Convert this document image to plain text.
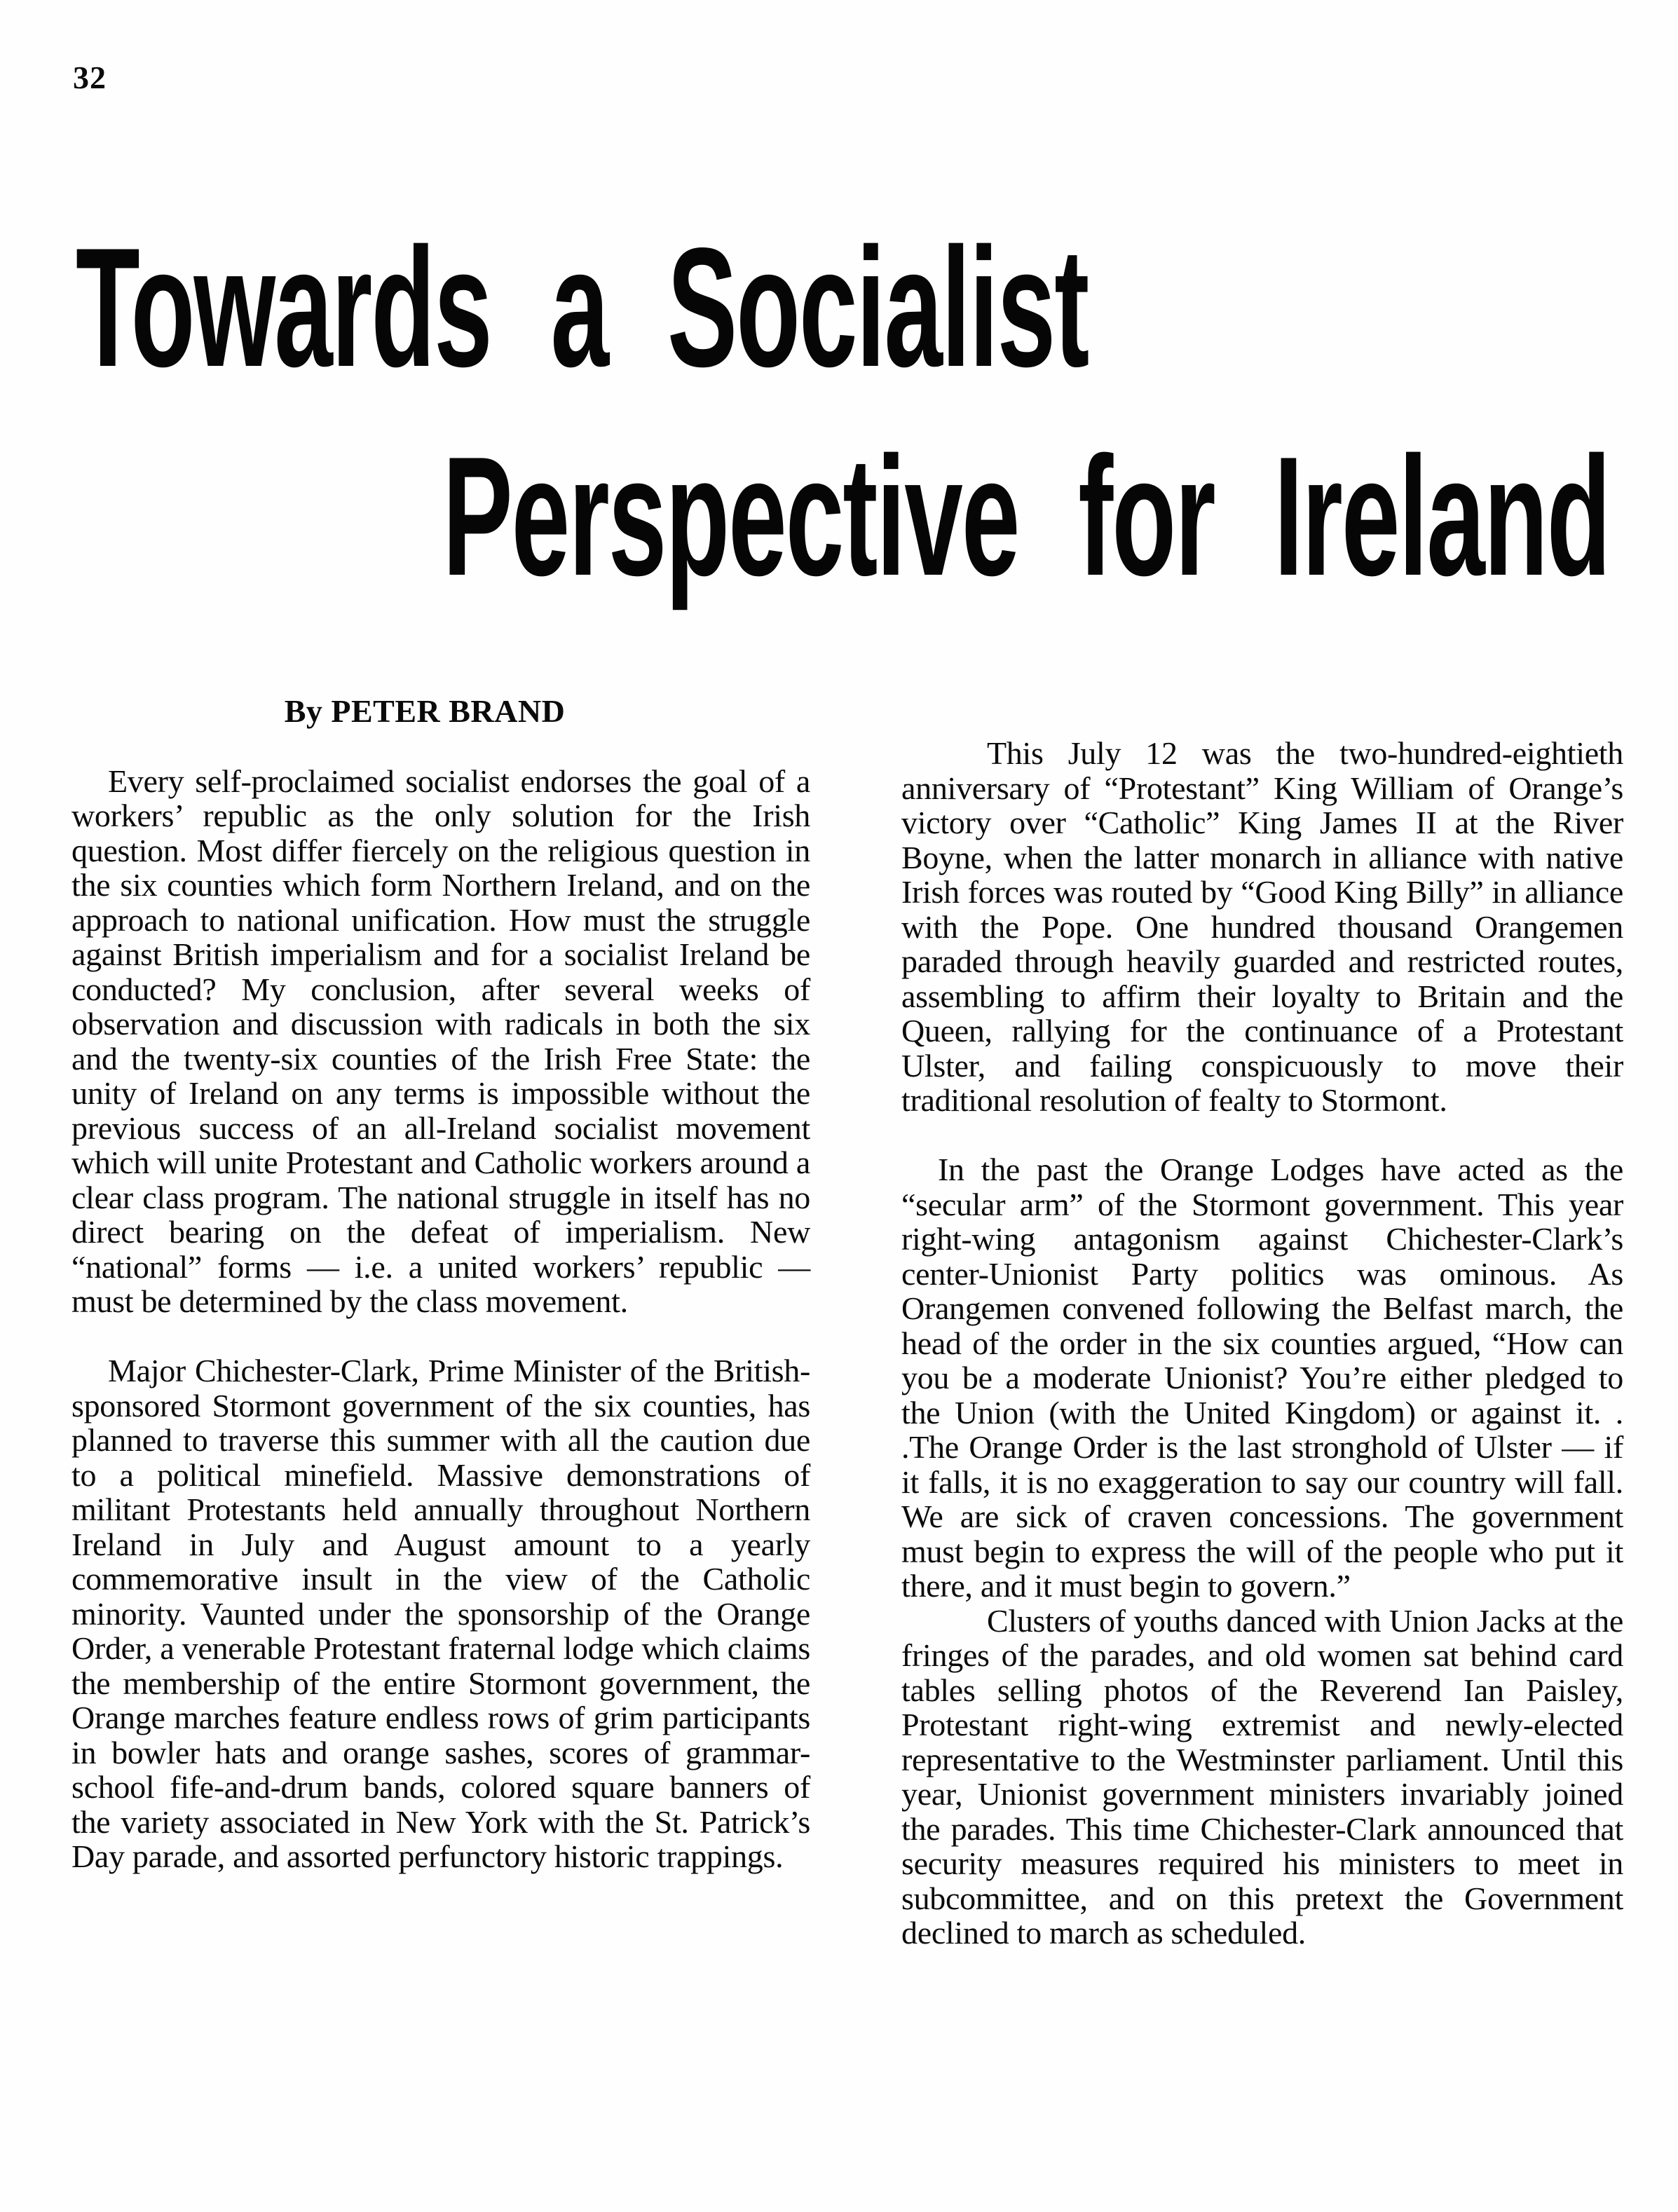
32
Towards a Socialist
Perspective for Ireland
By PETER BRAND

Every self-proclaimed socialist endorses the goal of a workers’ republic as the only solution for the Irish question. Most differ fiercely on the religious question in the six counties which form Northern Ireland, and on the approach to national unification. How must the struggle against British imperialism and for a socialist Ireland be conducted? My conclusion, after several weeks of observation and discussion with radicals in both the six and the twenty-six counties of the Irish Free State: the unity of Ireland on any terms is impossible without the previous success of an all-Ireland socialist movement which will unite Protestant and Catholic workers around a clear class program. The national struggle in itself has no direct bearing on the defeat of imperialism. New “national” forms — i.e. a united workers’ republic — must be determined by the class movement.

Major Chichester-Clark, Prime Minister of the British-sponsored Stormont government of the six counties, has planned to traverse this summer with all the caution due to a political minefield. Massive demonstrations of militant Protestants held annually throughout Northern Ireland in July and August amount to a yearly commemorative insult in the view of the Catholic minority. Vaunted under the sponsorship of the Orange Order, a venerable Protestant fraternal lodge which claims the membership of the entire Stormont government, the Orange marches feature endless rows of grim participants in bowler hats and orange sashes, scores of grammar-school fife-and-drum bands, colored square banners of the variety associated in New York with the St. Patrick’s Day parade, and assorted perfunctory historic trappings.

This July 12 was the two-hundred-eightieth anniversary of “Protestant” King William of Orange’s victory over “Catholic” King James II at the River Boyne, when the latter monarch in alliance with native Irish forces was routed by “Good King Billy” in alliance with the Pope. One hundred thousand Orangemen paraded through heavily guarded and restricted routes, assembling to affirm their loyalty to Britain and the Queen, rallying for the continuance of a Protestant Ulster, and failing conspicuously to move their traditional resolution of fealty to Stormont.

In the past the Orange Lodges have acted as the “secular arm” of the Stormont government. This year right-wing antagonism against Chichester-Clark’s center-Unionist Party politics was ominous. As Orangemen convened following the Belfast march, the head of the order in the six counties argued, “How can you be a moderate Unionist? You’re either pledged to the Union (with the United Kingdom) or against it. . .The Orange Order is the last stronghold of Ulster — if it falls, it is no exaggeration to say our country will fall. We are sick of craven concessions. The government must begin to express the will of the people who put it there, and it must begin to govern.”

Clusters of youths danced with Union Jacks at the fringes of the parades, and old women sat behind card tables selling photos of the Reverend Ian Paisley, Protestant right-wing extremist and newly-elected representative to the Westminster parliament. Until this year, Unionist government ministers invariably joined the parades. This time Chichester-Clark announced that security measures required his ministers to meet in subcommittee, and on this pretext the Government declined to march as scheduled.
